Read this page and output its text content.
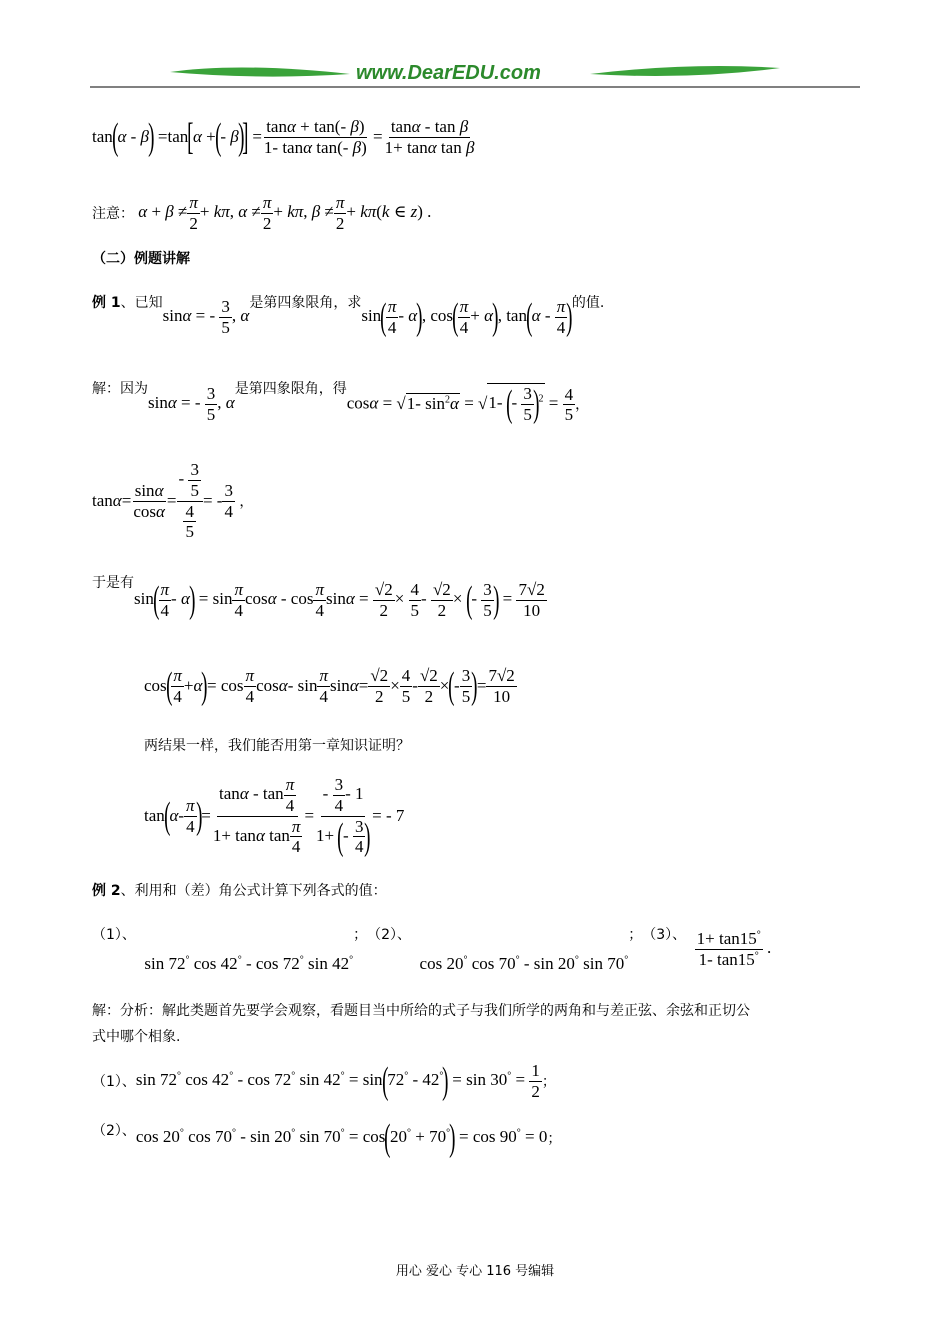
www.DearEDU.com
tan ( α - β ) =tan [ α + ( - β )
] = $\frac{\tan\alpha + \tan(- \beta)}{\text{1- tanα tan(- β)}} = \frac{\text{tanα - tan β}}{\text{1+ tanα tan β}}$
注意： $\alpha + \beta \ne \frac{\pi}{2} + k\pi$, $\alpha \ne \frac{\pi}{2} + k\pi$, $\beta \ne \frac{\pi}{2} + k\pi(k$ ∈ z) .
（二）例题讲解
例 1 、已知
sinα = - $\frac{3}{5}$ , α
是第四象限角，求
$\sin( \frac{\pi}{4} - \alpha)$, $\cos( \frac{\pi}{4} + \alpha)$, $\tan(\alpha - \frac{\pi}{4}$ ) 的值.
解：因为
sinα = - $\frac{3}{5}$ , α
是第四象限角，得
cosα = √ 1- $\sin^2\alpha$ = √ 1- (- $\frac{3}{5} )^2 = \frac{4}{5}$ ，
$\tan \alpha = \frac{\sin\alpha}{\cos\alpha} = \frac{- \frac{3}{5}}{\frac{4}{5}}$ = - $\frac{3}{4}$ ，
于是有
$\sin( \frac{\pi}{4} - \alpha) = \sin \frac{\pi}{4}$ cosα - $\cos \frac{\pi}{4}$ $\sin\alpha = \frac{√2}{2} \times \frac{4}{5} - \frac{√2}{2}$ × (- $\frac{3}{5}$ ) = $\frac{7√2}{10}$
cos ( $\frac{\pi}{4} + \alpha$ ) = $\cos \frac{\pi}{4}$ cos α - $\sin \frac{\pi}{4}$ $\sin \alpha = \frac{√2}{2} \times \frac{4}{5} - \frac{√2}{2}$ × ( - $\frac{3}{5}$ ) = $\frac{7√2}{10}$
两结果一样，我们能否用第一章知识证明？
tan ( α - $\frac{\pi}{4}$ ) = $\frac{\tan\alpha - \tan \frac{\pi}{4}}{1+ \tan\alpha \tan \frac{\pi}{4}} = \frac{- \frac{3}{4} - 1}{1+ (- \frac{3}{4} )}$ = - 7
例 2、利用和（差）角公式计算下列各式的值：
（1）、
sin 72° cos 42° - cos 72° sin 42°
； （2）、
cos 20° cos 70° - sin 20° sin 70°
； （3）、
$\frac{1+ \tan 15^\circ}{1- \tan 15^\circ}$ .
解：分析：解此类题首先要学会观察，看题目当中所给的式子与我们所学的两角和与差正弦、余弦和正切公
式中哪个相象.
（1）、 sin 72° cos 42° - cos 72° $\sin 42^\circ = \sin(72^\circ - 42^\circ) = \sin 30^\circ = \frac{1}{2}$ ；
（2）、 cos 20° cos 70° - sin 20° sin 70° = cos(20° + 70°) = cos 90° = 0 ；
用心 爱心 专心 116 号编辑
